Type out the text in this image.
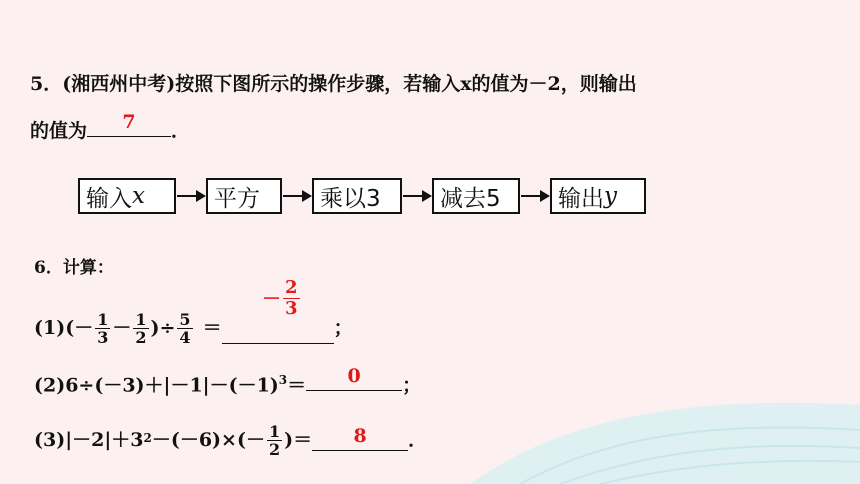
5．(湘西州中考)按照下图所示的操作步骤，若输入x的值为－2，则输出
的值为	7	．
输入 x	平方	乘以3	减去5 输出 y
6．计算：
$(1)(- \frac{1}{3} - \frac{1}{2}$ )÷ $\frac{5}{4}$ ＝	；
－ $\frac{2}{3}$
$(2)6\div(-3)+|-1|-(-1)^3=$	0	；
(3)|－2|＋3 $2 -(-6)\times(- \frac{1}{2}$ )＝	8	．
